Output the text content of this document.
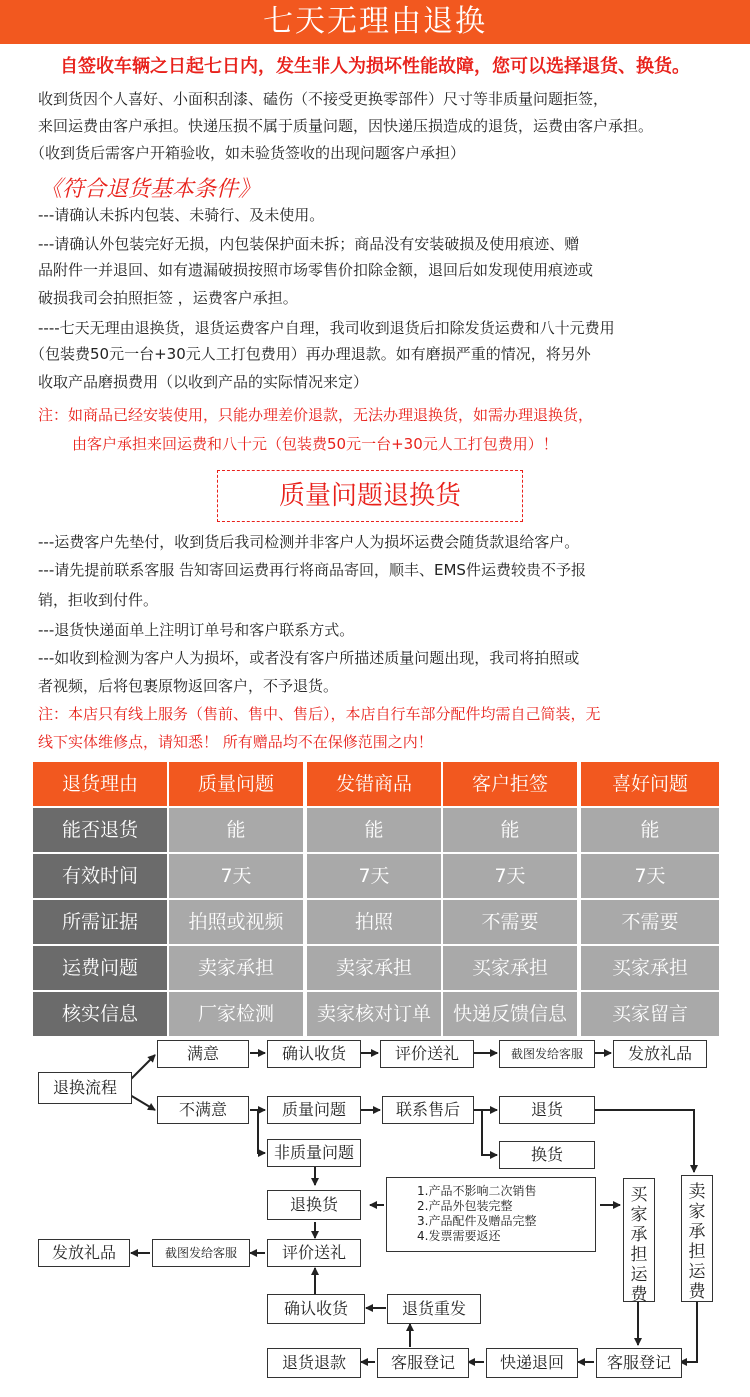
七天无理由退换
自签收车辆之日起七日内，发生非人为损坏性能故障，您可以选择退货、换货。
收到货因个人喜好、小面积刮漆、磕伤（不接受更换零部件）尺寸等非质量问题拒签，
来回运费由客户承担。快递压损不属于质量问题，因快递压损造成的退货，运费由客户承担。
（收到货后需客户开箱验收，如未验货签收的出现问题客户承担）
《符合退货基本条件》
---请确认未拆内包装、未骑行、及未使用。
---请确认外包装完好无损，内包装保护面未拆；商品没有安装破损及使用痕迹、赠
品附件一并退回、如有遗漏破损按照市场零售价扣除金额，退回后如发现使用痕迹或
破损我司会拍照拒签 ，运费客户承担。
----七天无理由退换货，退货运费客户自理，我司收到退货后扣除发货运费和八十元费用
（包装费50元一台+30元人工打包费用）再办理退款。如有磨损严重的情况，将另外
收取产品磨损费用（以收到产品的实际情况来定）
注：如商品已经安装使用，只能办理差价退款，无法办理退换货，如需办理退换货，
由客户承担来回运费和八十元（包装费50元一台+30元人工打包费用）！
质量问题退换货
---运费客户先垫付，收到货后我司检测并非客户人为损坏运费会随货款退给客户。
---请先提前联系客服 告知寄回运费再行将商品寄回，顺丰、EMS件运费较贵不予报
销，拒收到付件。
---退货快递面单上注明订单号和客户联系方式。
---如收到检测为客户人为损坏，或者没有客户所描述质量问题出现，我司将拍照或
者视频，后将包裹原物返回客户，不予退货。
注：本店只有线上服务（售前、售中、售后），本店自行车部分配件均需自己简装，无
线下实体维修点，请知悉！ 所有赠品均不在保修范围之内！
退货理由	质量问题	发错商品	客户拒签	喜好问题
能否退货	能	能	能	能
有效时间	7天	7天	7天	7天
所需证据	拍照或视频	拍照	不需要	不需要
运费问题	卖家承担	卖家承担	买家承担	买家承担
核实信息	厂家检测	卖家核对订单	快递反馈信息	买家留言
退换流程
满意	确认收货	评价送礼	截图发给客服	发放礼品
不满意	质量问题	联系售后	退货
换货
非质量问题
退换货
1.产品不影响二次销售
2.产品外包装完整
3.产品配件及赠品完整
4.发票需要返还
买家承担运费
卖家承担运费
发放礼品	截图发给客服	评价送礼
确认收货	退货重发
退货退款	客服登记	快递退回	客服登记
